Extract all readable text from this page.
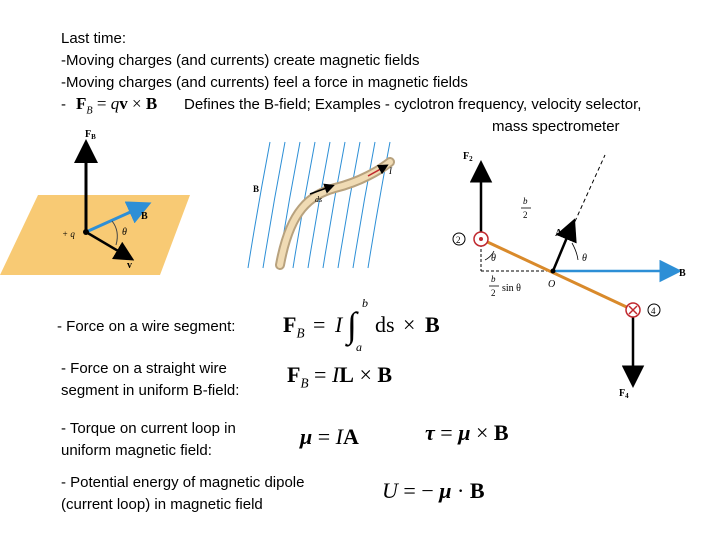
Last time:
-Moving charges (and currents) create magnetic fields
-Moving charges (and currents) feel a force in magnetic fields
- $F_B$ = qv × B Defines the B-field; Examples - cyclotron frequency, velocity selector,
mass spectrometer
$F_B$
B
v
θ
+ q
B
ds
I
$F_2$
$F_4$
A
B
O
θ	θ
b
2
b
2 sin θ
2
4
- Force on a wire segment:
- Force on a straight wire
segment in uniform B-field:
- Torque on current loop in
uniform magnetic field:
- Potential energy of magnetic dipole
(current loop) in magnetic field
$F_B = I$ ∫
b
a
ds × B
$F_B$ = IL × B
μ = IA	τ = μ × B
U = − μ · B
